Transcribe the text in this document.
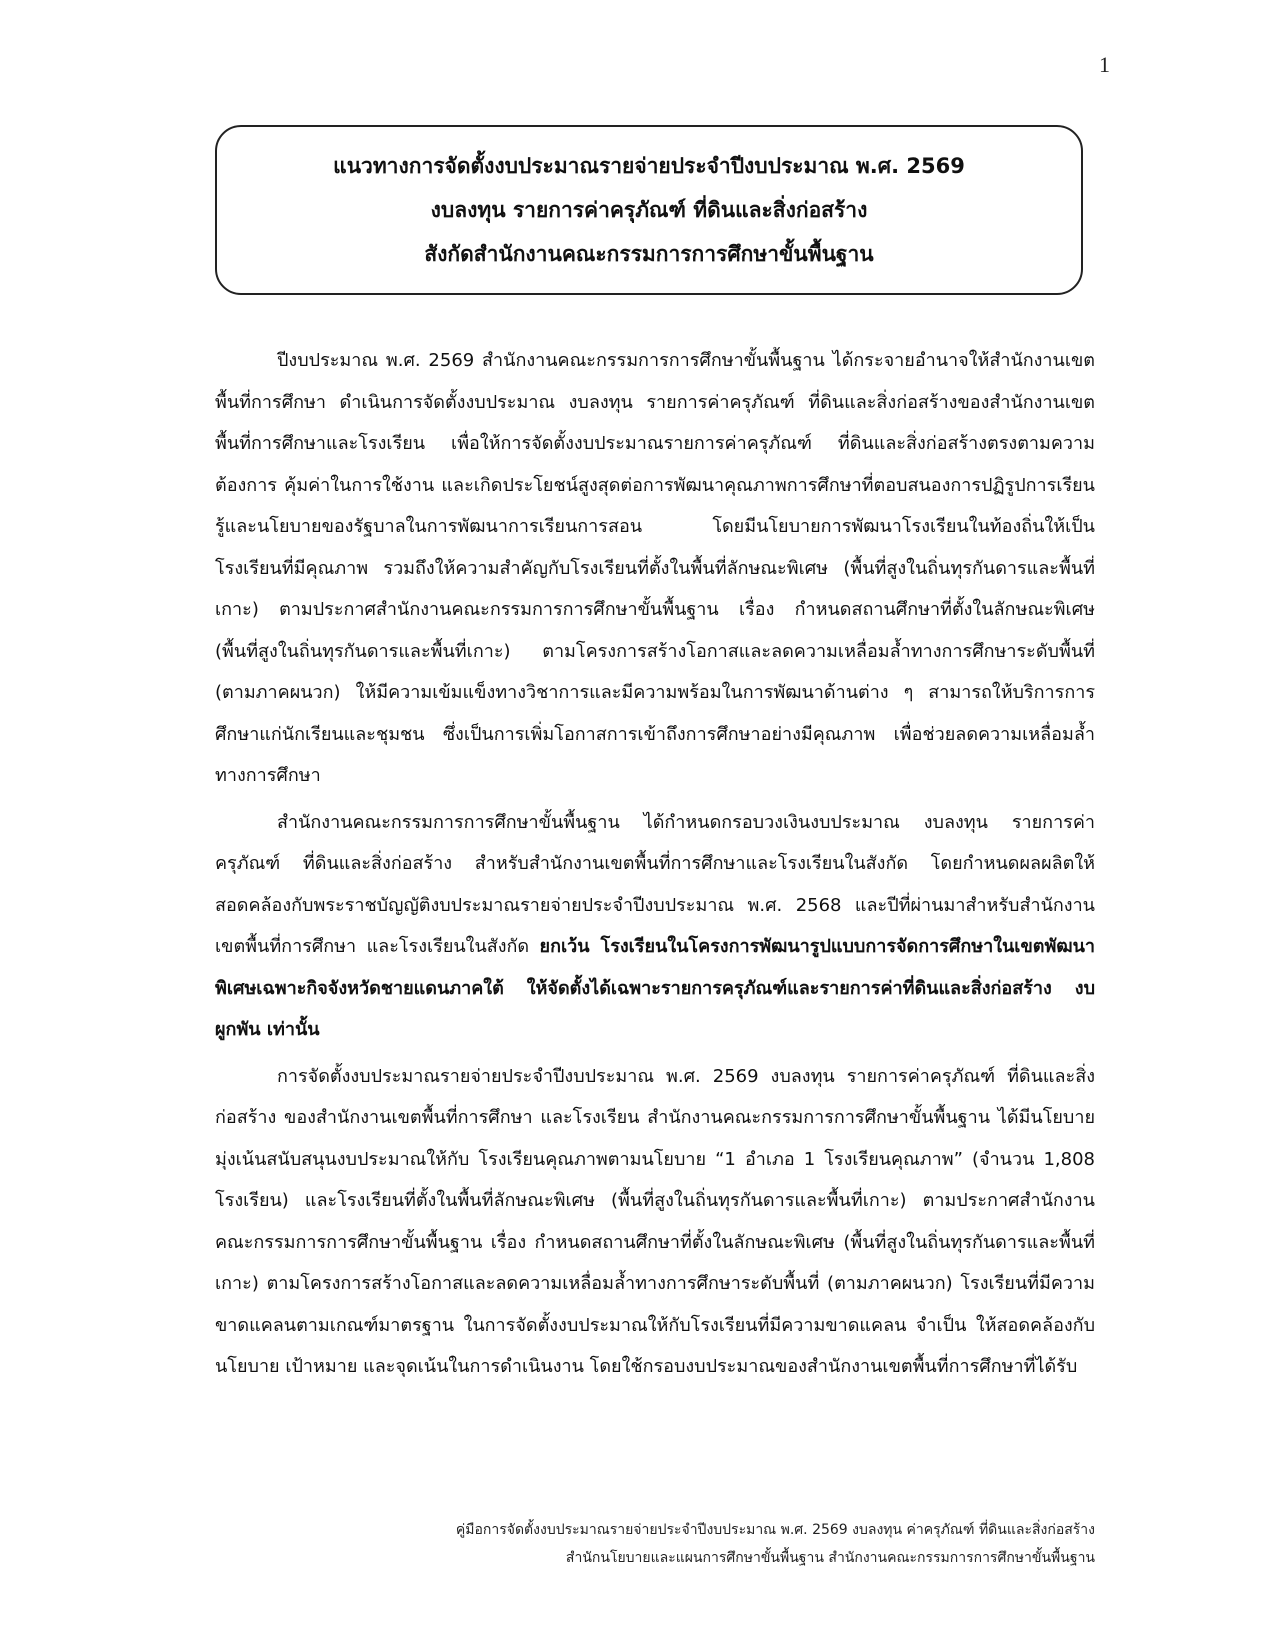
1
แนวทางการจัดตั้งงบประมาณรายจ่ายประจำปีงบประมาณ พ.ศ. 2569
งบลงทุน รายการค่าครุภัณฑ์ ที่ดินและสิ่งก่อสร้าง
สังกัดสำนักงานคณะกรรมการการศึกษาขั้นพื้นฐาน

ปีงบประมาณ พ.ศ. 2569 สำนักงานคณะกรรมการการศึกษาขั้นพื้นฐาน ได้กระจายอำนาจให้สำนักงานเขตพื้นที่การศึกษา ดำเนินการจัดตั้งงบประมาณ งบลงทุน รายการค่าครุภัณฑ์ ที่ดินและสิ่งก่อสร้างของสำนักงานเขตพื้นที่การศึกษาและโรงเรียน เพื่อให้การจัดตั้งงบประมาณรายการค่าครุภัณฑ์ ที่ดินและสิ่งก่อสร้างตรงตามความต้องการ คุ้มค่าในการใช้งาน และเกิดประโยชน์สูงสุดต่อการพัฒนาคุณภาพการศึกษาที่ตอบสนองการปฏิรูปการเรียนรู้และนโยบายของรัฐบาลในการพัฒนาการเรียนการสอน โดยมีนโยบายการพัฒนาโรงเรียนในท้องถิ่นให้เป็นโรงเรียนที่มีคุณภาพ รวมถึงให้ความสำคัญกับโรงเรียนที่ตั้งในพื้นที่ลักษณะพิเศษ (พื้นที่สูงในถิ่นทุรกันดารและพื้นที่เกาะ) ตามประกาศสำนักงานคณะกรรมการการศึกษาขั้นพื้นฐาน เรื่อง กำหนดสถานศึกษาที่ตั้งในลักษณะพิเศษ (พื้นที่สูงในถิ่นทุรกันดารและพื้นที่เกาะ) ตามโครงการสร้างโอกาสและลดความเหลื่อมล้ำทางการศึกษาระดับพื้นที่ (ตามภาคผนวก) ให้มีความเข้มแข็งทางวิชาการและมีความพร้อมในการพัฒนาด้านต่าง ๆ สามารถให้บริการการศึกษาแก่นักเรียนและชุมชน ซึ่งเป็นการเพิ่มโอกาสการเข้าถึงการศึกษาอย่างมีคุณภาพ เพื่อช่วยลดความเหลื่อมล้ำทางการศึกษา

สำนักงานคณะกรรมการการศึกษาขั้นพื้นฐาน ได้กำหนดกรอบวงเงินงบประมาณ งบลงทุน รายการค่าครุภัณฑ์ ที่ดินและสิ่งก่อสร้าง สำหรับสำนักงานเขตพื้นที่การศึกษาและโรงเรียนในสังกัด โดยกำหนดผลผลิตให้สอดคล้องกับพระราชบัญญัติงบประมาณรายจ่ายประจำปีงบประมาณ พ.ศ. 2568 และปีที่ผ่านมาสำหรับสำนักงานเขตพื้นที่การศึกษา และโรงเรียนในสังกัด ยกเว้น โรงเรียนในโครงการพัฒนารูปแบบการจัดการศึกษาในเขตพัฒนาพิเศษเฉพาะกิจจังหวัดชายแดนภาคใต้ ให้จัดตั้งได้เฉพาะรายการครุภัณฑ์และรายการค่าที่ดินและสิ่งก่อสร้าง งบผูกพัน เท่านั้น

การจัดตั้งงบประมาณรายจ่ายประจำปีงบประมาณ พ.ศ. 2569 งบลงทุน รายการค่าครุภัณฑ์ ที่ดินและสิ่งก่อสร้าง ของสำนักงานเขตพื้นที่การศึกษา และโรงเรียน สำนักงานคณะกรรมการการศึกษาขั้นพื้นฐาน ได้มีนโยบายมุ่งเน้นสนับสนุนงบประมาณให้กับ โรงเรียนคุณภาพตามนโยบาย “1 อำเภอ 1 โรงเรียนคุณภาพ” (จำนวน 1,808 โรงเรียน) และโรงเรียนที่ตั้งในพื้นที่ลักษณะพิเศษ (พื้นที่สูงในถิ่นทุรกันดารและพื้นที่เกาะ) ตามประกาศสำนักงานคณะกรรมการการศึกษาขั้นพื้นฐาน เรื่อง กำหนดสถานศึกษาที่ตั้งในลักษณะพิเศษ (พื้นที่สูงในถิ่นทุรกันดารและพื้นที่เกาะ) ตามโครงการสร้างโอกาสและลดความเหลื่อมล้ำทางการศึกษาระดับพื้นที่ (ตามภาคผนวก) โรงเรียนที่มีความขาดแคลนตามเกณฑ์มาตรฐาน ในการจัดตั้งงบประมาณให้กับโรงเรียนที่มีความขาดแคลน จำเป็น ให้สอดคล้องกับ นโยบาย เป้าหมาย และจุดเน้นในการดำเนินงาน โดยใช้กรอบงบประมาณของสำนักงานเขตพื้นที่การศึกษาที่ได้รับ

คู่มือการจัดตั้งงบประมาณรายจ่ายประจำปีงบประมาณ พ.ศ. 2569 งบลงทุน ค่าครุภัณฑ์ ที่ดินและสิ่งก่อสร้าง
สำนักนโยบายและแผนการศึกษาขั้นพื้นฐาน สำนักงานคณะกรรมการการศึกษาขั้นพื้นฐาน
